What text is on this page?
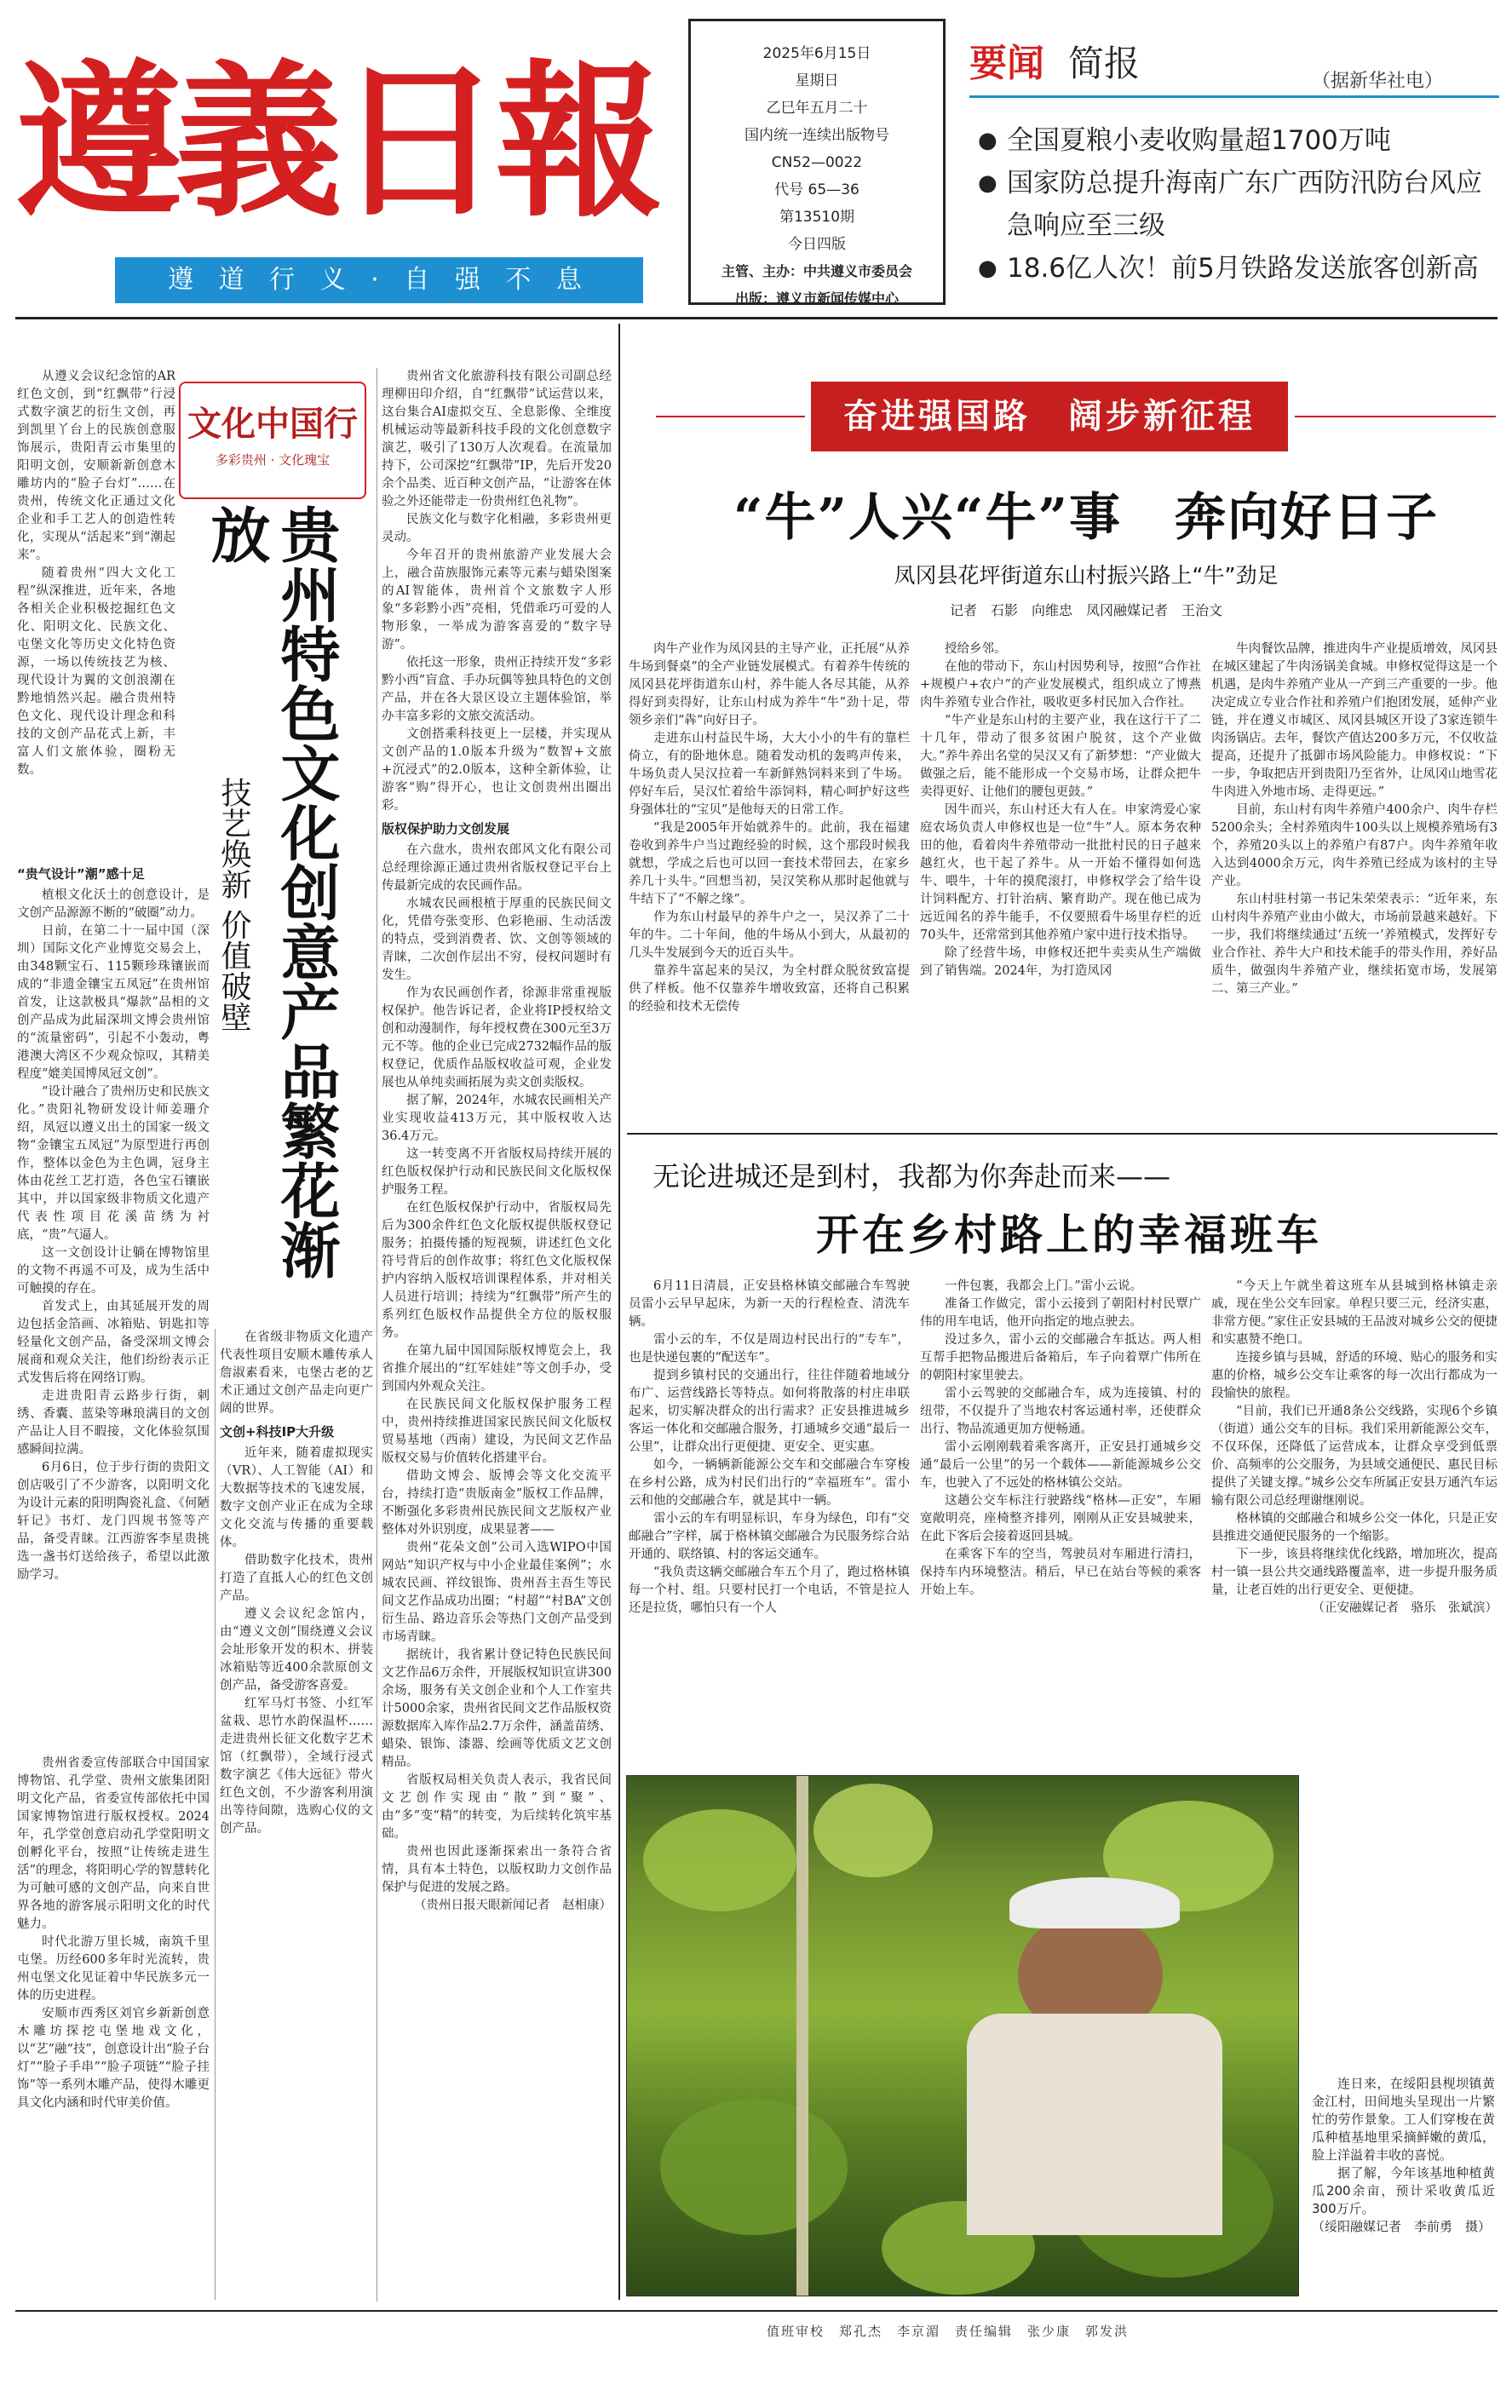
遵義日報
遵 道 行 义 · 自 强 不 息
2025年6月15日
星期日
乙巳年五月二十
国内统一连续出版物号
CN52—0022
代号 65—36
第13510期
今日四版
主管、主办：中共遵义市委员会
出版：遵义市新闻传媒中心
要闻 简报	（据新华社电）
● 全国夏粮小麦收购量超1700万吨
● 国家防总提升海南广东广西防汛防台风应急响应至三级
● 18.6亿人次！前5月铁路发送旅客创新高
文化中国行
多彩贵州 · 文化瑰宝
贵州特色文化创意产品繁花渐放
技艺焕新 价值破壁

从遵义会议纪念馆的AR红色文创，到“红飘带”行浸式数字演艺的衍生文创，再到凯里丫台上的民族创意服饰展示，贵阳青云市集里的阳明文创，安顺新新创意木雕坊内的“脸子台灯”……在贵州，传统文化正通过文化企业和手工艺人的创造性转化，实现从“活起来”到“潮起来”。

随着贵州“四大文化工程”纵深推进，近年来，各地各相关企业积极挖掘红色文化、阳明文化、民族文化、屯堡文化等历史文化特色资源，一场以传统技艺为核、现代设计为翼的文创浪潮在黔地悄然兴起。融合贵州特色文化、现代设计理念和科技的文创产品花式上新，丰富人们文旅体验，圈粉无数。

“贵气设计”潮”感十足

植根文化沃土的创意设计，是文创产品源源不断的“破圈”动力。

日前，在第二十一届中国（深圳）国际文化产业博览交易会上，由348颗宝石、115颗珍珠镶嵌而成的“非遗金镶宝五凤冠”在贵州馆首发，让这款极具“爆款”品相的文创产品成为此届深圳文博会贵州馆的“流量密码”，引起不小轰动，粤港澳大湾区不少观众惊叹，其精美程度“媲美国博凤冠文创”。

“设计融合了贵州历史和民族文化。”贵阳礼物研发设计师姜珊介绍，凤冠以遵义出土的国家一级文物“金镶宝五凤冠”为原型进行再创作，整体以金色为主色调，冠身主体由花丝工艺打造，各色宝石镶嵌其中，并以国家级非物质文化遗产代表性项目花溪苗绣为衬底，“贵”气逼人。

这一文创设计让躺在博物馆里的文物不再遥不可及，成为生活中可触摸的存在。

首发式上，由其延展开发的周边包括金箔画、冰箱贴、钥匙扣等轻量化文创产品，备受深圳文博会展商和观众关注，他们纷纷表示正式发售后将在网络订购。

走进贵阳青云路步行街，刺绣、香囊、蓝染等琳琅满目的文创产品让人目不暇接，文化体验氛围感瞬间拉满。

6月6日，位于步行街的贵阳文创店吸引了不少游客，以阳明文化为设计元素的阳明陶瓷礼盒、《何陋轩记》书灯、龙门四规书签等产品，备受青睐。江西游客李星贵挑选一盏书灯送给孩子，希望以此激励学习。

贵州省委宣传部联合中国国家博物馆、孔学堂、贵州文旅集团阳明文化产品，省委宣传部依托中国国家博物馆进行版权授权。2024年，孔学堂创意启动孔学堂阳明文创孵化平台，按照“让传统走进生活”的理念，将阳明心学的智慧转化为可触可感的文创产品，向来自世界各地的游客展示阳明文化的时代魅力。

时代北游万里长城，南筑千里屯堡。历经600多年时光流转，贵州屯堡文化见证着中华民族多元一体的历史进程。

安顺市西秀区刘官乡新新创意木雕坊探挖屯堡地戏文化，以“艺”融“技”，创意设计出“脸子台灯”“脸子手串”“脸子项链”“脸子挂饰”等一系列木雕产品，使得木雕更具文化内涵和时代审美价值。

在省级非物质文化遗产代表性项目安顺木雕传承人詹淑素看来，屯堡古老的艺术正通过文创产品走向更广阔的世界。

文创+科技IP大升级

近年来，随着虚拟现实（VR）、人工智能（AI）和大数据等技术的飞速发展，数字文创产业正在成为全球文化交流与传播的重要载体。

借助数字化技术，贵州打造了直抵人心的红色文创产品。

遵义会议纪念馆内，由“遵义文创”围绕遵义会议会址形象开发的积木、拼装冰箱贴等近400余款原创文创产品，备受游客喜爱。

红军马灯书签、小红军盆栽、思竹水韵保温杯……走进贵州长征文化数字艺术馆（红飘带），全域行浸式数字演艺《伟大远征》带火红色文创，不少游客利用演出等待间隙，选购心仪的文创产品。

贵州省文化旅游科技有限公司副总经理柳田印介绍，自“红飘带”试运营以来，这台集合AI虚拟交互、全息影像、全维度机械运动等最新科技手段的文化创意数字演艺，吸引了130万人次观看。在流量加持下，公司深挖“红飘带”IP，先后开发20余个品类、近百种文创产品，“让游客在体验之外还能带走一份贵州红色礼物”。

民族文化与数字化相融，多彩贵州更灵动。

今年召开的贵州旅游产业发展大会上，融合苗族服饰元素等元素与蜡染图案的AI智能体，贵州首个文旅数字人形象“多彩黔小西”亮相，凭借乖巧可爱的人物形象，一举成为游客喜爱的“数字导游”。

依托这一形象，贵州正持续开发“多彩黔小西”盲盒、手办玩偶等独具特色的文创产品，并在各大景区设立主题体验馆，举办丰富多彩的文旅交流活动。

文创搭乘科技更上一层楼，并实现从文创产品的1.0版本升级为“数智+文旅+沉浸式”的2.0版本，这种全新体验，让游客“购”得开心，也让文创贵州出圈出彩。

版权保护助力文创发展

在六盘水，贵州农郎风文化有限公司总经理徐源正通过贵州省版权登记平台上传最新完成的农民画作品。

水城农民画根植于厚重的民族民间文化，凭借夸张变形、色彩艳丽、生动活泼的特点，受到消费者、饮、文创等领域的青睐，二次创作层出不穷，侵权问题时有发生。

作为农民画创作者，徐源非常重视版权保护。他告诉记者，企业将IP授权给文创和动漫制作，每年授权费在300元至3万元不等。他的企业已完成2732幅作品的版权登记，优质作品版权收益可观，企业发展也从单纯卖画拓展为卖文创卖版权。

据了解，2024年，水城农民画相关产业实现收益413万元，其中版权收入达36.4万元。

这一转变离不开省版权局持续开展的红色版权保护行动和民族民间文化版权保护服务工程。

在红色版权保护行动中，省版权局先后为300余件红色文化版权提供版权登记服务；拍摄传播的短视频，讲述红色文化符号背后的创作故事；将红色文化版权保护内容纳入版权培训课程体系，并对相关人员进行培训；持续为“红飘带”所产生的系列红色版权作品提供全方位的版权服务。

在第九届中国国际版权博览会上，我省推介展出的“红军娃娃”等文创手办，受到国内外观众关注。

在民族民间文化版权保护服务工程中，贵州持续推进国家民族民间文化版权贸易基地（西南）建设，为民间文艺作品版权交易与价值转化搭建平台。

借助文博会、版博会等文化交流平台，持续打造“贵版南金”版权工作品牌，不断强化多彩贵州民族民间文艺版权产业整体对外识别度，成果显著——

贵州“花朵文创”公司入选WIPO中国网站“知识产权与中小企业最佳案例”；水城农民画、祥纹银饰、贵州吾主吾生等民间文艺作品成功出圈；“村超”“村BA”文创衍生品、路边音乐会等热门文创产品受到市场青睐。

据统计，我省累计登记特色民族民间文艺作品6万余件，开展版权知识宣讲300余场，服务有关文创企业和个人工作室共计5000余家，贵州省民间文艺作品版权资源数据库入库作品2.7万余件，涵盖苗绣、蜡染、银饰、漆器、绘画等优质文艺文创精品。

省版权局相关负责人表示，我省民间文艺创作实现由“散”到“聚”、由“多”变“精”的转变，为后续转化筑牢基础。

贵州也因此逐渐探索出一条符合省情，具有本土特色，以版权助力文创作品保护与促进的发展之路。

（贵州日报天眼新闻记者　赵相康）

奋进强国路　阔步新征程
“牛”人兴“牛”事　奔向好日子
凤冈县花坪街道东山村振兴路上“牛”劲足
记者　石影　向维忠　凤冈融媒记者　王治文

肉牛产业作为凤冈县的主导产业，正托展“从养牛场到餐桌”的全产业链发展模式。有着养牛传统的凤冈县花坪街道东山村，养牛能人各尽其能，从养得好到卖得好，让东山村成为养牛“牛”劲十足，带领乡亲们“犇”向好日子。

走进东山村益民牛场，大大小小的牛有的靠栏倚立，有的卧地休息。随着发动机的轰鸣声传来，牛场负责人吴汉拉着一车新鲜熟饲料来到了牛场。停好车后，吴汉忙着给牛添饲料，精心呵护好这些身强体壮的“宝贝”是他每天的日常工作。

“我是2005年开始就养牛的。此前，我在福建卷收到养牛户当过跑经验的时候，这个那段时候我就想，学成之后也可以回一套技术带回去，在家乡养几十头牛。”回想当初，吴汉笑称从那时起他就与牛结下了“不解之缘”。

作为东山村最早的养牛户之一，吴汉养了二十年的牛。二十年间，他的牛场从小到大，从最初的几头牛发展到今天的近百头牛。

靠养牛富起来的吴汉，为全村群众脱贫致富提供了样板。他不仅靠养牛增收致富，还将自己积累的经验和技术无偿传

授给乡邻。

在他的带动下，东山村因势利导，按照“合作社+规模户+农户”的产业发展模式，组织成立了博燕肉牛养殖专业合作社，吸收更多村民加入合作社。

“牛产业是东山村的主要产业，我在这行干了二十几年，带动了很多贫困户脱贫，这个产业做大。”养牛养出名堂的吴汉又有了新梦想：“产业做大做强之后，能不能形成一个交易市场，让群众把牛卖得更好、让他们的腰包更鼓。”

因牛而兴，东山村还大有人在。申家湾爱心家庭农场负责人申修权也是一位“牛”人。原本务农种田的他，看着肉牛养殖带动一批批村民的日子越来越红火，也干起了养牛。从一开始不懂得如何选牛、喂牛，十年的摸爬滚打，申修权学会了给牛设计饲料配方、打针治病、繁育助产。现在他已成为远近闻名的养牛能手，不仅要照看牛场里存栏的近70头牛，还常常到其他养殖户家中进行技术指导。

除了经营牛场，申修权还把牛卖卖从生产端做到了销售端。2024年，为打造凤冈

牛肉餐饮品牌，推进肉牛产业提质增效，凤冈县在城区建起了牛肉汤锅美食城。申修权觉得这是一个机遇，是肉牛养殖产业从一产到三产重要的一步。他决定成立专业合作社和养殖户们抱团发展，延伸产业链，并在遵义市城区、凤冈县城区开设了3家连锁牛肉汤锅店。去年，餐饮产值达200多万元，不仅收益提高，还提升了抵御市场风险能力。申修权说：“下一步，争取把店开到贵阳乃至省外，让凤冈山地雪花牛肉进入外地市场、走得更远。”

目前，东山村有肉牛养殖户400余户、肉牛存栏5200余头；全村养殖肉牛100头以上规模养殖场有3个，养殖20头以上的养殖户有87户。肉牛养殖年收入达到4000余万元，肉牛养殖已经成为该村的主导产业。

东山村驻村第一书记朱荣荣表示：“近年来，东山村肉牛养殖产业由小做大，市场前景越来越好。下一步，我们将继续通过‘五统一’养殖模式，发挥好专业合作社、养牛大户和技术能手的带头作用，养好品质牛，做强肉牛养殖产业，继续拓宽市场，发展第二、第三产业。”

无论进城还是到村，我都为你奔赴而来——
开在乡村路上的幸福班车

6月11日清晨，正安县格林镇交邮融合车驾驶员雷小云早早起床，为新一天的行程检查、清洗车辆。

雷小云的车，不仅是周边村民出行的“专车”，也是快递包裹的“配送车”。

提到乡镇村民的交通出行，往往伴随着地域分布广、运营线路长等特点。如何将散落的村庄串联起来，切实解决群众的出行需求？正安县推进城乡客运一体化和交邮融合服务，打通城乡交通“最后一公里”，让群众出行更便捷、更安全、更实惠。

如今，一辆辆新能源公交车和交邮融合车穿梭在乡村公路，成为村民们出行的“幸福班车”。雷小云和他的交邮融合车，就是其中一辆。

雷小云的车有明显标识，车身为绿色，印有“交邮融合”字样，属于格林镇交邮融合为民服务综合站开通的、联络镇、村的客运交通车。

“我负责这辆交邮融合车五个月了，跑过格林镇每一个村、组。只要村民打一个电话，不管是拉人还是拉货，哪怕只有一个人

一件包裹，我都会上门。”雷小云说。

准备工作做完，雷小云接到了朝阳村村民覃广伟的用车电话，他开向指定的地点驶去。

没过多久，雷小云的交邮融合车抵达。两人相互帮手把物品搬进后备箱后，车子向着覃广伟所在的朝阳村家里驶去。

雷小云驾驶的交邮融合车，成为连接镇、村的纽带，不仅提升了当地农村客运通村率，还使群众出行、物品流通更加方便畅通。

雷小云刚刚载着乘客离开，正安县打通城乡交通“最后一公里”的另一个载体——新能源城乡公交车，也驶入了不远处的格林镇公交站。

这趟公交车标注行驶路线“格林—正安”，车厢宽敞明亮，座椅整齐排列，刚刚从正安县城驶来，在此下客后会接着返回县城。

在乘客下车的空当，驾驶员对车厢进行清扫，保持车内环境整洁。稍后，早已在站台等候的乘客开始上车。

“今天上午就坐着这班车从县城到格林镇走亲戚，现在坐公交车回家。单程只要三元，经济实惠，非常方便。”家住正安县城的王品波对城乡公交的便捷和实惠赞不绝口。

连接乡镇与县城，舒适的环境、贴心的服务和实惠的价格，城乡公交车让乘客的每一次出行都成为一段愉快的旅程。

“目前，我们已开通8条公交线路，实现6个乡镇（街道）通公交车的目标。我们采用新能源公交车，不仅环保，还降低了运营成本，让群众享受到低票价、高频率的公交服务，为县域交通便民、惠民目标提供了关键支撑。”城乡公交车所属正安县万通汽车运输有限公司总经理谢继刚说。

格林镇的交邮融合和城乡公交一体化，只是正安县推进交通便民服务的一个缩影。

下一步，该县将继续优化线路，增加班次，提高村一镇一县公共交通线路覆盖率，进一步提升服务质量，让老百姓的出行更安全、更便捷。

（正安融媒记者　骆乐　张斌滨）

连日来，在绥阳县枧坝镇黄金江村，田间地头呈现出一片繁忙的劳作景象。工人们穿梭在黄瓜种植基地里采摘鲜嫩的黄瓜，脸上洋溢着丰收的喜悦。

据了解，今年该基地种植黄瓜200余亩，预计采收黄瓜近300万斤。

（绥阳融媒记者　李前勇　摄）

值班审校　郑孔杰　李京湄　责任编辑　张少康　郭发洪
